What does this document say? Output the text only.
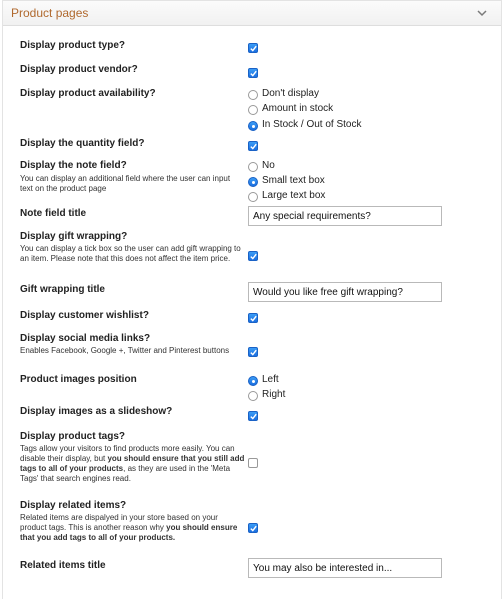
Product pages
Display product type?
Display product vendor?
Display product availability?	Don't display
Amount in stock
In Stock / Out of Stock
Display the quantity field?
Display the note field?
You can display an additional field where the user can input text on the product page
No
Small text box
Large text box
Note field title
Any special requirements?
Display gift wrapping?
You can display a tick box so the user can add gift wrapping to an item. Please note that this does not affect the item price.
Gift wrapping title
Would you like free gift wrapping?
Display customer wishlist?
Display social media links?
Enables Facebook, Google +, Twitter and Pinterest buttons
Product images position	Left
Right
Display images as a slideshow?
Display product tags?
Tags allow your visitors to find products more easily. You can disable their display, but you should ensure that you still add tags to all of your products, as they are used in the 'Meta Tags' that search engines read.
Display related items?
Related items are dispalyed in your store based on your product tags. This is another reason why you should ensure that you add tags to all of your products.
Related items title
You may also be interested in...
